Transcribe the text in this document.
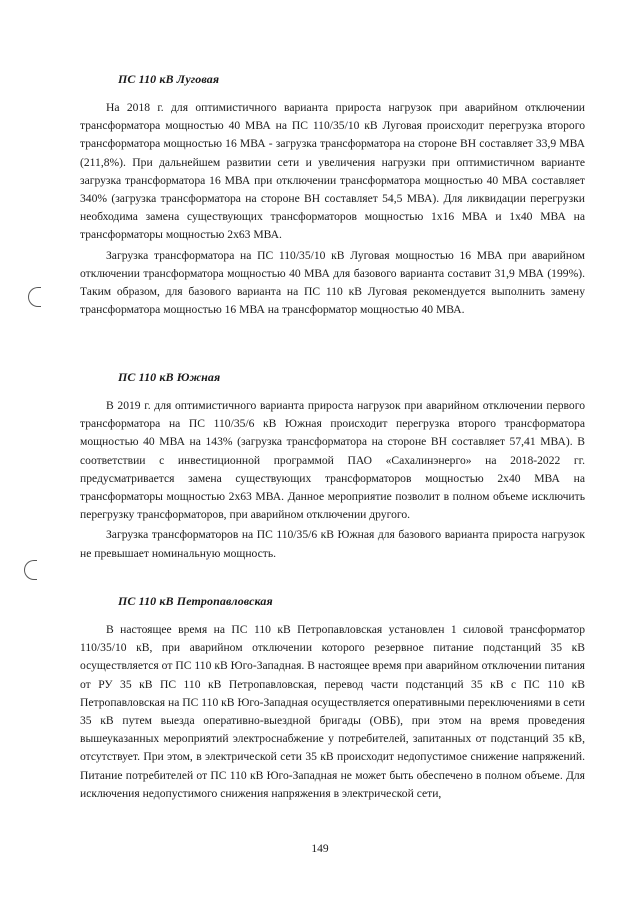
ПС 110 кВ Луговая

На 2018 г. для оптимистичного варианта прироста нагрузок при аварийном отключении трансформатора мощностью 40 МВА на ПС 110/35/10 кВ Луговая происходит перегрузка второго трансформатора мощностью 16 МВА - загрузка трансформатора на стороне ВН составляет 33,9 МВА (211,8%). При дальнейшем развитии сети и увеличения нагрузки при оптимистичном варианте загрузка трансформатора 16 МВА при отключении трансформатора мощностью 40 МВА составляет 340% (загрузка трансформатора на стороне ВН составляет 54,5 МВА). Для ликвидации перегрузки необходима замена существующих трансформаторов мощностью 1х16 МВА и 1х40 МВА на трансформаторы мощностью 2х63 МВА.

Загрузка трансформатора на ПС 110/35/10 кВ Луговая мощностью 16 МВА при аварийном отключении трансформатора мощностью 40 МВА для базового варианта составит 31,9 МВА (199%). Таким образом, для базового варианта на ПС 110 кВ Луговая рекомендуется выполнить замену трансформатора мощностью 16 МВА на трансформатор мощностью 40 МВА.

ПС 110 кВ Южная

В 2019 г. для оптимистичного варианта прироста нагрузок при аварийном отключении первого трансформатора на ПС 110/35/6 кВ Южная происходит перегрузка второго трансформатора мощностью 40 МВА на 143% (загрузка трансформатора на стороне ВН составляет 57,41 МВА). В соответствии с инвестиционной программой ПАО «Сахалинэнерго» на 2018-2022 гг. предусматривается замена существующих трансформаторов мощностью 2х40 МВА на трансформаторы мощностью 2х63 МВА. Данное мероприятие позволит в полном объеме исключить перегрузку трансформаторов, при аварийном отключении другого.

Загрузка трансформаторов на ПС 110/35/6 кВ Южная для базового варианта прироста нагрузок не превышает номинальную мощность.

ПС 110 кВ Петропавловская

В настоящее время на ПС 110 кВ Петропавловская установлен 1 силовой трансформатор 110/35/10 кВ, при аварийном отключении которого резервное питание подстанций 35 кВ осуществляется от ПС 110 кВ Юго-Западная. В настоящее время при аварийном отключении питания от РУ 35 кВ ПС 110 кВ Петропавловская, перевод части подстанций 35 кВ с ПС 110 кВ Петропавловская на ПС 110 кВ Юго-Западная осуществляется оперативными переключениями в сети 35 кВ путем выезда оперативно-выездной бригады (ОВБ), при этом на время проведения вышеуказанных мероприятий электроснабжение у потребителей, запитанных от подстанций 35 кВ, отсутствует. При этом, в электрической сети 35 кВ происходит недопустимое снижение напряжений. Питание потребителей от ПС 110 кВ Юго-Западная не может быть обеспечено в полном объеме. Для исключения недопустимого снижения напряжения в электрической сети,

149
